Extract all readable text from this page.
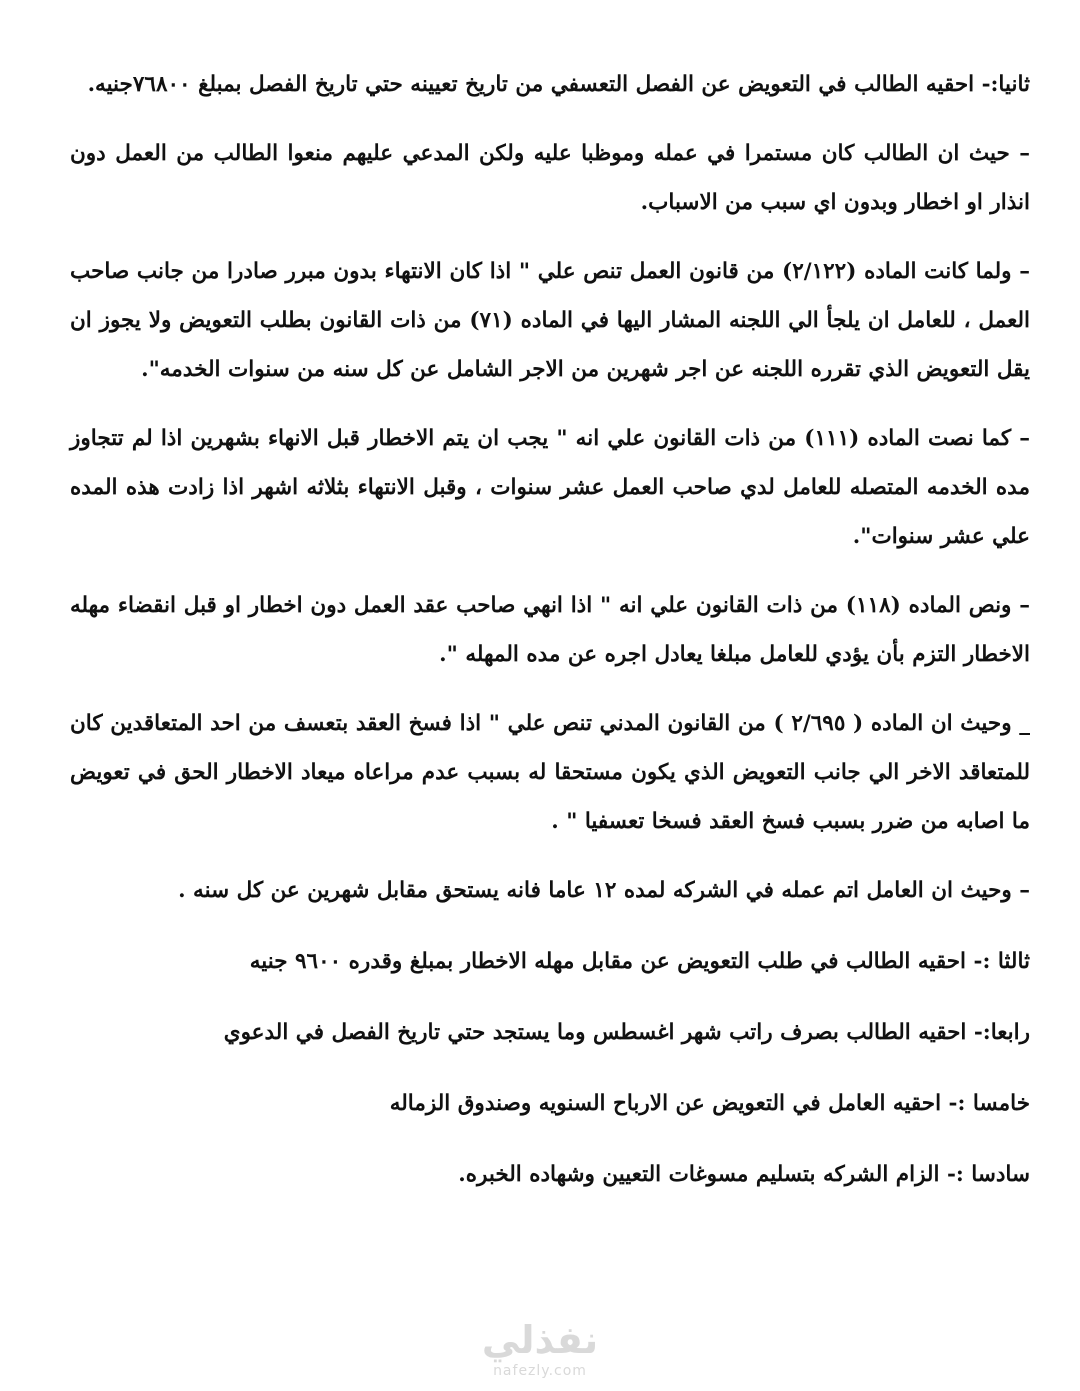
ثانيا:- احقيه الطالب في التعويض عن الفصل التعسفي من تاريخ تعيينه حتي تاريخ الفصل بمبلغ ٧٦٨٠٠جنيه.

– حيث ان الطالب كان مستمرا في عمله وموظبا عليه ولكن المدعي عليهم منعوا الطالب من العمل دون انذار او اخطار وبدون اي سبب من الاسباب.

– ولما كانت الماده (٢/١٢٢) من قانون العمل تنص علي " اذا كان الانتهاء بدون مبرر صادرا من جانب صاحب العمل ، للعامل ان يلجأ الي اللجنه المشار اليها في الماده (٧١) من ذات القانون بطلب التعويض ولا يجوز ان يقل التعويض الذي تقرره اللجنه عن اجر شهرين من الاجر الشامل عن كل سنه من سنوات الخدمه".

– كما نصت الماده (١١١) من ذات القانون علي انه " يجب ان يتم الاخطار قبل الانهاء بشهرين اذا لم تتجاوز مده الخدمه المتصله للعامل لدي صاحب العمل عشر سنوات ، وقبل الانتهاء بثلاثه اشهر اذا زادت هذه المده علي عشر سنوات".

– ونص الماده (١١٨) من ذات القانون علي انه " اذا انهي صاحب عقد العمل دون اخطار او قبل انقضاء مهله الاخطار التزم بأن يؤدي للعامل مبلغا يعادل اجره عن مده المهله ".

_ وحيث ان الماده ( ٢/٦٩٥ ) من القانون المدني تنص علي " اذا فسخ العقد بتعسف من احد المتعاقدين كان للمتعاقد الاخر الي جانب التعويض الذي يكون مستحقا له بسبب عدم مراعاه ميعاد الاخطار الحق في تعويض ما اصابه من ضرر بسبب فسخ العقد فسخا تعسفيا " .

– وحيث ان العامل اتم عمله في الشركه لمده ١٢ عاما فانه يستحق مقابل شهرين عن كل سنه .

ثالثا :- احقيه الطالب في طلب التعويض عن مقابل مهله الاخطار بمبلغ وقدره ٩٦٠٠ جنيه

رابعا:- احقيه الطالب بصرف راتب شهر اغسطس وما يستجد حتي تاريخ الفصل في الدعوي

خامسا :- احقيه العامل في التعويض عن الارباح السنويه وصندوق الزماله

سادسا :- الزام الشركه بتسليم مسوغات التعيين وشهاده الخبره.

نفذلي
nafezly.com
